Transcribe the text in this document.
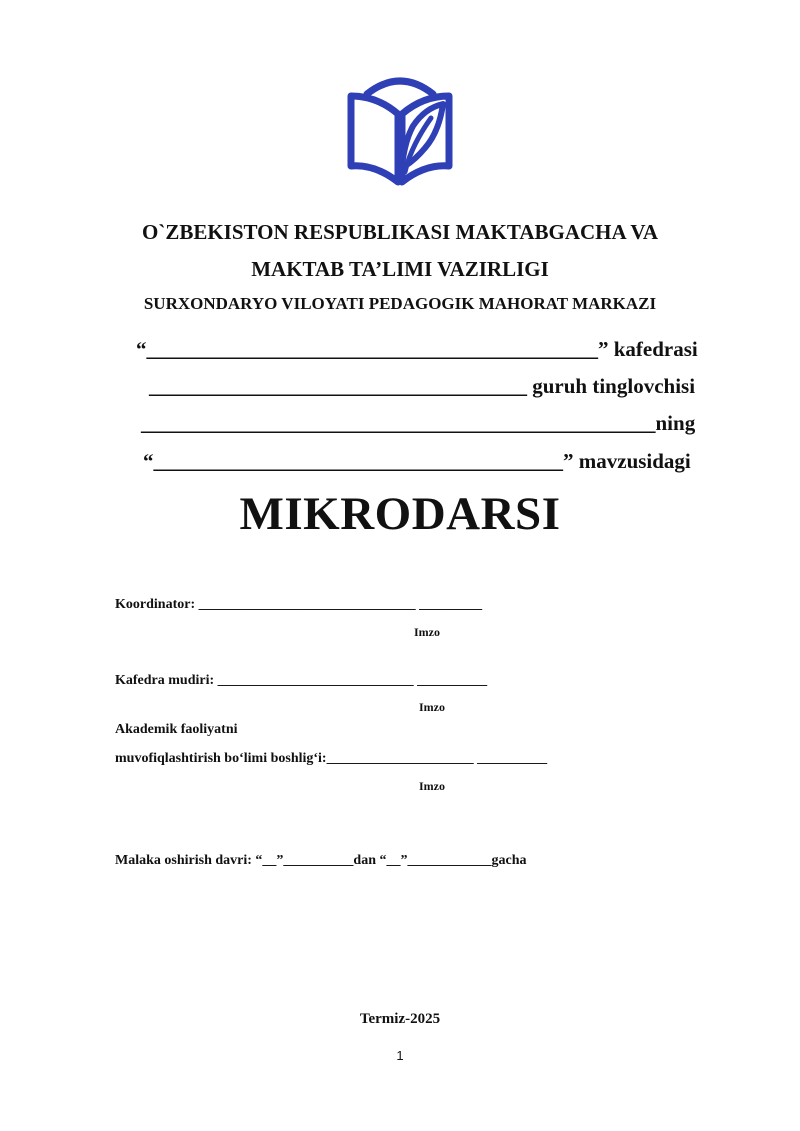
O`ZBEKISTON RESPUBLIKASI MAKTABGACHA VA
MAKTAB TA’LIMI VAZIRLIGI
SURXONDARYO VILOYATI PEDAGOGIK MAHORAT MARKAZI
“___________________________________________” kafedrasi
____________________________________ guruh tinglovchisi
_________________________________________________ning
“_______________________________________” mavzusidagi
MIKRODARSI
Koordinator: _______________________________ _________
Imzo
Kafedra mudiri: ____________________________ __________
Imzo
Akademik faoliyatni
muvofiqlashtirish bo‘limi boshlig‘i:_____________________ __________
Imzo
Malaka oshirish davri: “__”__________dan “__”____________gacha
Termiz-2025
1
